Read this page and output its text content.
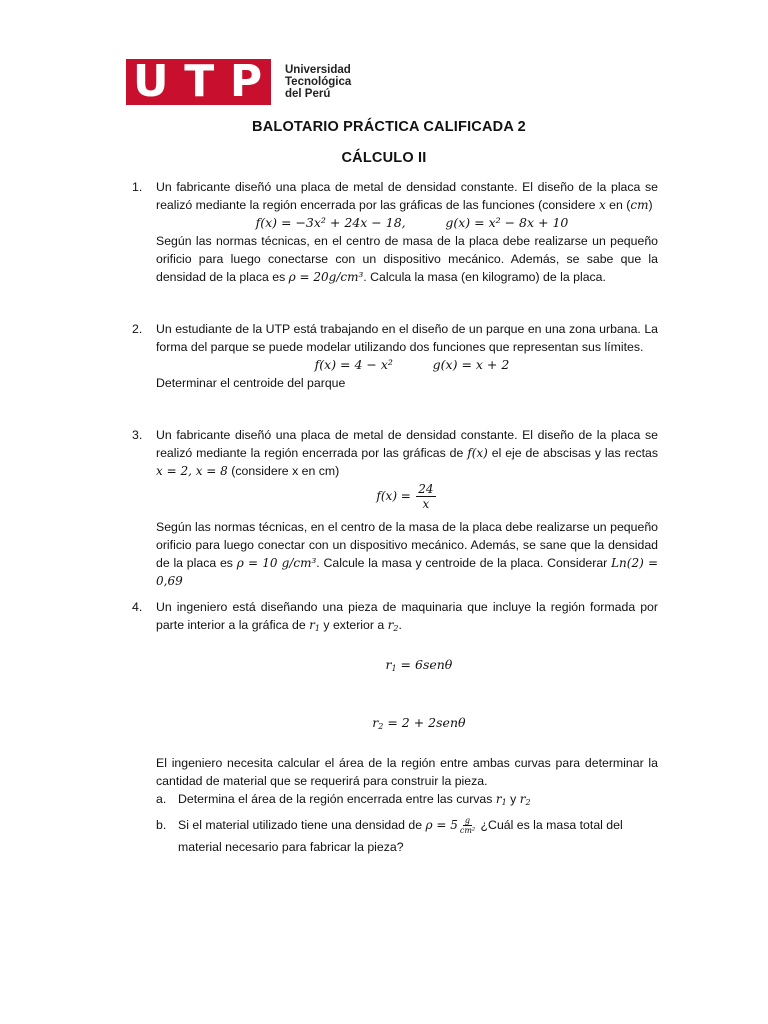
U T P Universidad
Tecnológica
del Perú
BALOTARIO PRÁCTICA CALIFICADA 2
CÁLCULO II
1. Un fabricante diseñó una placa de metal de densidad constante. El diseño de la placa se realizó mediante la región encerrada por las gráficas de las funciones (considere x en (cm)

f(x) = −3x² + 24x − 18,          g(x) = x² − 8x + 10

Según las normas técnicas, en el centro de masa de la placa debe realizarse un pequeño orificio para luego conectarse con un dispositivo mecánico. Además, se sabe que la densidad de la placa es ρ = 20g/cm³. Calcula la masa (en kilogramo) de la placa.

2. Un estudiante de la UTP está trabajando en el diseño de un parque en una zona urbana. La forma del parque se puede modelar utilizando dos funciones que representan sus límites.

f(x) = 4 − x²          g(x) = x + 2

Determinar el centroide del parque

3. Un fabricante diseñó una placa de metal de densidad constante. El diseño de la placa se realizó mediante la región encerrada por las gráficas de f(x) el eje de abscisas y las rectas x = 2, x = 8 (considere x en cm)

$f(x) = \frac{24}{x}$

Según las normas técnicas, en el centro de la masa de la placa debe realizarse un pequeño orificio para luego conectar con un dispositivo mecánico. Además, se sane que la densidad de la placa es ρ = 10 g/cm³. Calcule la masa y centroide de la placa. Considerar Ln(2) = 0,69

4. Un ingeniero está diseñando una pieza de maquinaria que incluye la región formada por parte interior a la gráfica de $r_1$ y exterior a $r_2$.

$r_1 = 6sen\theta$

$r_2 = 2 + 2sen\theta$

El ingeniero necesita calcular el área de la región entre ambas curvas para determinar la cantidad de material que se requerirá para construir la pieza.

a. Determina el área de la región encerrada entre las curvas $r_1$ y $r_2$
b. Si el material utilizado tiene una densidad de $\rho = 5 \frac{g}{\text{cm²}}$ ¿Cuál es la masa total del material necesario para fabricar la pieza?
